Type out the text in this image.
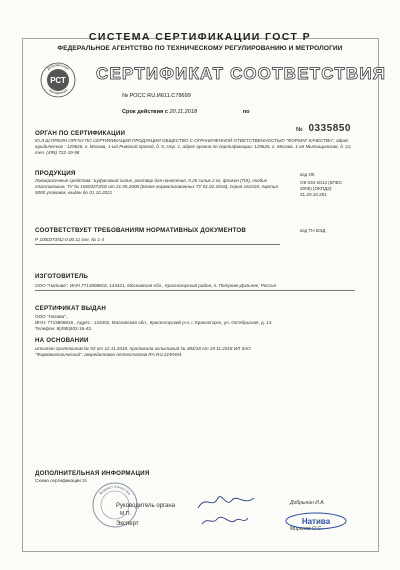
СИСТЕМА СЕРТИФИКАЦИИ ГОСТ Р
ФЕДЕРАЛЬНОЕ АГЕНТСТВО ПО ТЕХНИЧЕСКОМУ РЕГУЛИРОВАНИЮ И МЕТРОЛОГИИ
РСТ
Добровольная
сертификация
СЕРТИФИКАТ СООТВЕТСТВИЯ
№ РОСС RU.И611.С78699
Срок действия с 20.11.2018	по
№ 0335850
ОРГАН ПО СЕРТИФИКАЦИИ
Ю.Л.Ш.ПРЕИН ОРГАН ПО СЕРТИФИКАЦИИ ПРОДУКЦИИ ОБЩЕСТВО С ОГРАНИЧЕННОЙ ОТВЕТСТВЕННОСТЬЮ "ФОРМАТ КАЧЕСТВА", адрес юридическое : 129626, г. Москва, 1-ый Рижский проезд, д. 5, стр. 1, адрес органа по сертификации: 129626, г. Москва, 1-ая Мытищинская, д. 22, тел. (495) 722-19-98
ПРОДУКЦИЯ
Лакокрасочные средства: Ъуфасовый силик, раствор для нанесения, 0.25 силик 2 кг, флакон (ПЭ), тюбик пластиковые, ТУ № 10603373/02 от 21.05.2008 (Бланк нормализованных ТУ 01.02.2016), серия 161018, партия 5000 упаковок, выдан до 01.10.2021
код ОК
ОК 034-2014 (КПЕС
2008) (ОКПД2):
21.20.10.251
СООТВЕТСТВУЕТ ТРЕБОВАНИЯМ НОРМАТИВНЫХ ДОКУМЕНТОВ	код ТН ВЭД
Р 1000373/02-0.00.11 зон. № 1-4
ИЗГОТОВИТЕЛЬ
ООО "Натива", ИНН 7713808818, 143421, Московская обл., Красногорский район, п. Петрово-Дальнее, Россия
СЕРТИФИКАТ ВЫДАН
ООО "Натива",
ИНН: 7713808818 , Адрес : 143402, Московская обл., Красногорский р-н, г. Красногорск, ул. Октябрьская, д. 13.
Телефон: 8(495)502-16-43.
НА ОСНОВАНИИ
испытан протоколом № 93 от 12.11.2018, протокола испытаний № 383/18 от 19.11.2018 ИЛ ЗАО
"Фармакологический", аккредитован аттестатом RA.RU.21ФН94
ДОПОЛНИТЕЛЬНАЯ ИНФОРМАЦИЯ
Схема сертификации 3c
Формат Качества
М.П.
Руководитель органа
Эксперт
Добрынин И.А.
Миронов О.С.
Натива
